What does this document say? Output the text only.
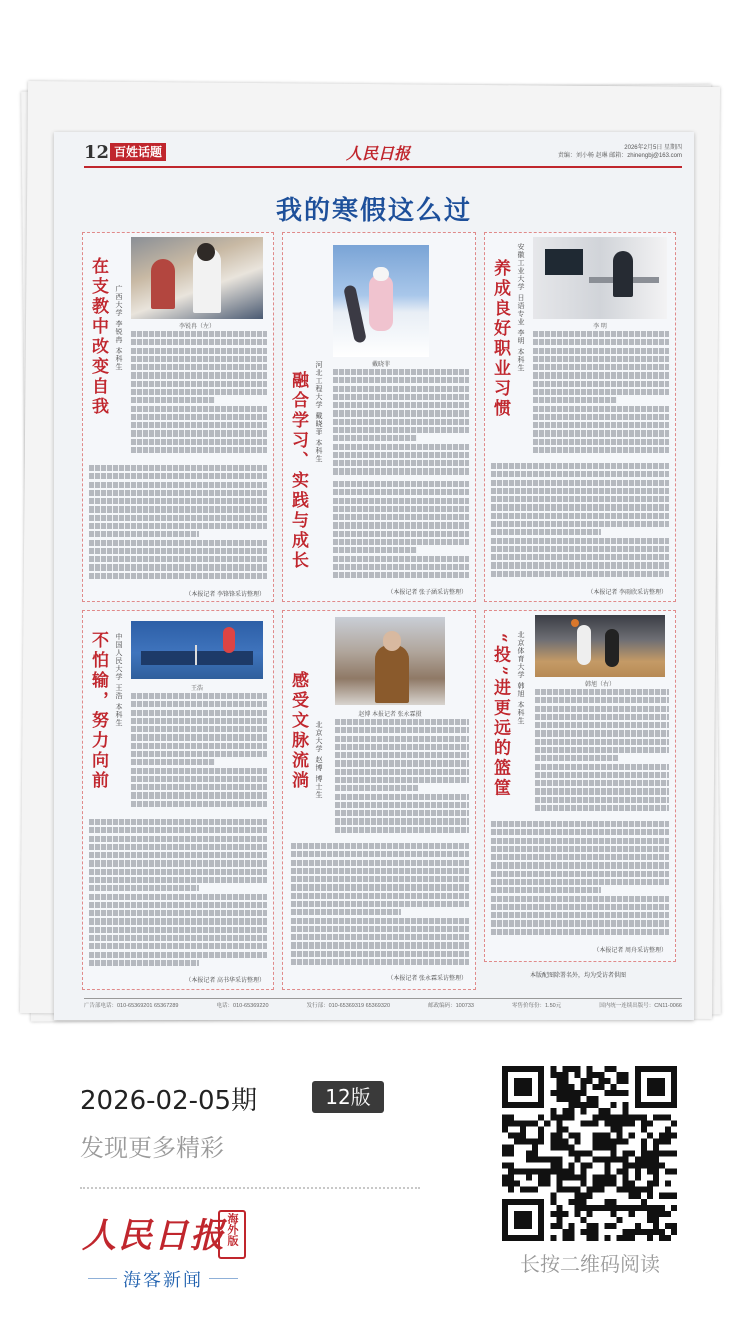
12 百姓话题	人民日报	2026年2月5日 星期四
责编：刘小畅 赵琳 邮箱：zhinengbj@163.com
我的寒假这么过
在支教中改变自我 广西大学 李锐冉 本科生	李锐冉（左）
（本报记者 李锋锋采访整理）
戴晓菲
融合学习、实践与成长 河北工程大学 戴晓菲 本科生
（本报记者 张子涵采访整理）
养成良好职业习惯 安徽工业大学 日语专业 李明 本科生	李 明
（本报记者 李雨欣采访整理）
不怕输，努力向前 中国人民大学 王浩 本科生	王浩
（本报记者 高书华采访整理）
感受文脉流淌 北京大学 赵博 博士生
赵博 本报记者 张永霖摄
（本报记者 张永霖采访整理）
“投”进更远的篮筐 北京体育大学 韩旭 本科生	韩旭（右）
（本报记者 周舟采访整理）
本版配图除署名外，均为受访者供图
广告部电话：010-65369201 65367289	电话：010-65369220	发行部：010-65369319 65369320	邮政编码：100733	零售价每份：1.50元	国内统一连续出版号：CN11-0066
2026-02-05期	12版
发现更多精彩
人民日报 海外版
海客新闻
长按二维码阅读
